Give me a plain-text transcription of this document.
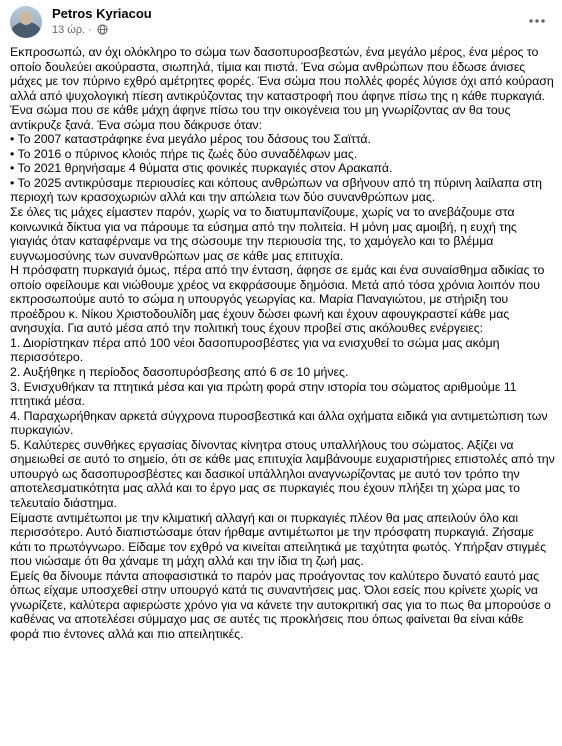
Petros Kyriacou
13 ώρ. ·

Εκπροσωπώ, αν όχι ολόκληρο το σώμα των δασοπυροσβεστών, ένα μεγάλο μέρος, ένα μέρος το οποίο δουλεύει ακούραστα, σιωπηλά, τίμια και πιστά. Ένα σώμα ανθρώπων που έδωσε άνισες μάχες με τον πύρινο εχθρό αμέτρητες φορές. Ένα σώμα που πολλές φορές λύγισε όχι από κούραση αλλά από ψυχολογική πίεση αντικρύζοντας την καταστροφή που άφηνε πίσω της η κάθε πυρκαγιά. Ένα σώμα που σε κάθε μάχη άφηνε πίσω του την οικογένεια του μη γνωρίζοντας αν θα τους αντίκρυζε ξανά. Ένα σώμα που δάκρυσε όταν:

• Το 2007 καταστράφηκε ένα μεγάλο μέρος του δάσους του Σαϊττά.

• Το 2016 ο πύρινος κλοιός πήρε τις ζωές δύο συναδέλφων μας.

• Το 2021 θρηνήσαμε 4 θύματα στις φονικές πυρκαγιές στον Αρακαπά.

• Το 2025 αντικρύσαμε περιουσίες και κόπους ανθρώπων να σβήνουν από τη πύρινη λαίλαπα στη περιοχή των κρασοχωριών αλλά και την απώλεια των δύο συνανθρώπων μας.

Σε όλες τις μάχες είμαστεν παρόν, χωρίς να το διατυμπανίζουμε, χωρίς να το ανεβάζουμε στα κοινωνικά δίκτυα για να πάρουμε τα εύσημα από την πολιτεία. Η μόνη μας αμοιβή, η ευχή της γιαγιάς όταν καταφέρναμε να της σώσουμε την περιουσία της, το χαμόγελο και το βλέμμα ευγνωμοσύνης των συνανθρώπων μας σε κάθε μας επιτυχία.

Η πρόσφατη πυρκαγιά όμως, πέρα από την ένταση, άφησε σε εμάς και ένα συναίσθημα αδικίας το οποίο οφείλουμε και νιώθουμε χρέος να εκφράσουμε δημόσια. Μετά από τόσα χρόνια λοιπόν που εκπροσωπούμε αυτό το σώμα η υπουργός γεωργίας κα. Μαρία Παναγιώτου, με στήριξη του προέδρου κ. Νίκου Χριστοδουλίδη μας έχουν δώσει φωνή και έχουν αφουγκραστεί κάθε μας ανησυχία. Για αυτό μέσα από την πολιτική τους έχουν προβεί στις ακόλουθες ενέργειες:

1. Διορίστηκαν πέρα από 100 νέοι δασοπυροσβέστες για να ενισχυθεί το σώμα μας ακόμη περισσότερο.

2. Αυξήθηκε η περίοδος δασοπυρόσβεσης από 6 σε 10 μήνες.

3. Ενισχυθήκαν τα πτητικά μέσα και για πρώτη φορά στην ιστορία του σώματος αριθμούμε 11 πτητικά μέσα.

4. Παραχωρήθηκαν αρκετά σύγχρονα πυροσβεστικά και άλλα οχήματα ειδικά για αντιμετώπιση των πυρκαγιών.

5. Καλύτερες συνθήκες εργασίας δίνοντας κίνητρα στους υπαλλήλους του σώματος. Αξίζει να σημειωθεί σε αυτό το σημείο, ότι σε κάθε μας επιτυχία λαμβάνουμε ευχαριστήριες επιστολές από την υπουργό ως δασοπυροσβέστες και δασικοί υπάλληλοι αναγνωρίζοντας με αυτό τον τρόπο την αποτελεσματικότητα μας αλλά και το έργο μας σε πυρκαγιές που έχουν πλήξει τη χώρα μας το τελευταίο διάστημα.

Είμαστε αντιμέτωποι με την κλιματική αλλαγή και οι πυρκαγιές πλέον θα μας απειλούν όλο και περισσότερο. Αυτό διαπιστώσαμε όταν ήρθαμε αντιμέτωποι με την πρόσφατη πυρκαγιά. Ζήσαμε κάτι το πρωτόγνωρο. Είδαμε τον εχθρό να κινείται απειλητικά με ταχύτητα φωτός. Υπήρξαν στιγμές που νιώσαμε ότι θα χάναμε τη μάχη αλλά και την ίδια τη ζωή μας.

Εμείς θα δίνουμε πάντα αποφασιστικά το παρόν μας προάγοντας τον καλύτερο δυνατό εαυτό μας όπως είχαμε υποσχεθεί στην υπουργό κατά τις συναντήσεις μας. Όλοι εσείς που κρίνετε χωρίς να γνωρίζετε, καλύτερα αφιερώστε χρόνο για να κάνετε την αυτοκριτική σας για το πως θα μπορούσε ο καθένας να αποτελέσει σύμμαχο μας σε αυτές τις προκλήσεις που όπως φαίνεται θα είναι κάθε φορά πιο έντονες αλλά και πιο απειλητικές.
